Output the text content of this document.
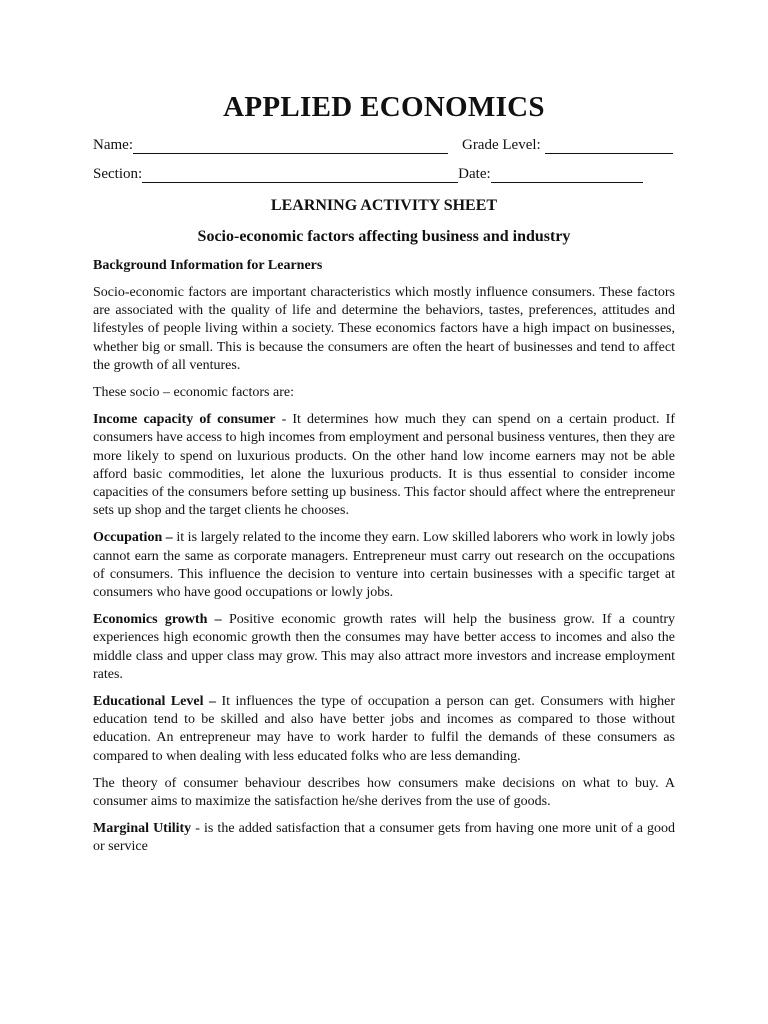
APPLIED ECONOMICS
Name:	Grade Level:
Section:	Date:
LEARNING ACTIVITY SHEET
Socio-economic factors affecting business and industry
Background Information for Learners

Socio-economic factors are important characteristics which mostly influence consumers. These factors are associated with the quality of life and determine the behaviors, tastes, preferences, attitudes and lifestyles of people living within a society. These economics factors have a high impact on businesses, whether big or small. This is because the consumers are often the heart of businesses and tend to affect the growth of all ventures.

These socio – economic factors are:

Income capacity of consumer - It determines how much they can spend on a certain product. If consumers have access to high incomes from employment and personal business ventures, then they are more likely to spend on luxurious products. On the other hand low income earners may not be able afford basic commodities, let alone the luxurious products. It is thus essential to consider income capacities of the consumers before setting up business. This factor should affect where the entrepreneur sets up shop and the target clients he chooses.

Occupation – it is largely related to the income they earn. Low skilled laborers who work in lowly jobs cannot earn the same as corporate managers. Entrepreneur must carry out research on the occupations of consumers. This influence the decision to venture into certain businesses with a specific target at consumers who have good occupations or lowly jobs.

Economics growth – Positive economic growth rates will help the business grow. If a country experiences high economic growth then the consumes may have better access to incomes and also the middle class and upper class may grow. This may also attract more investors and increase employment rates.

Educational Level – It influences the type of occupation a person can get. Consumers with higher education tend to be skilled and also have better jobs and incomes as compared to those without education. An entrepreneur may have to work harder to fulfil the demands of these consumers as compared to when dealing with less educated folks who are less demanding.

The theory of consumer behaviour describes how consumers make decisions on what to buy. A consumer aims to maximize the satisfaction he/she derives from the use of goods.

Marginal Utility - is the added satisfaction that a consumer gets from having one more unit of a good or service
